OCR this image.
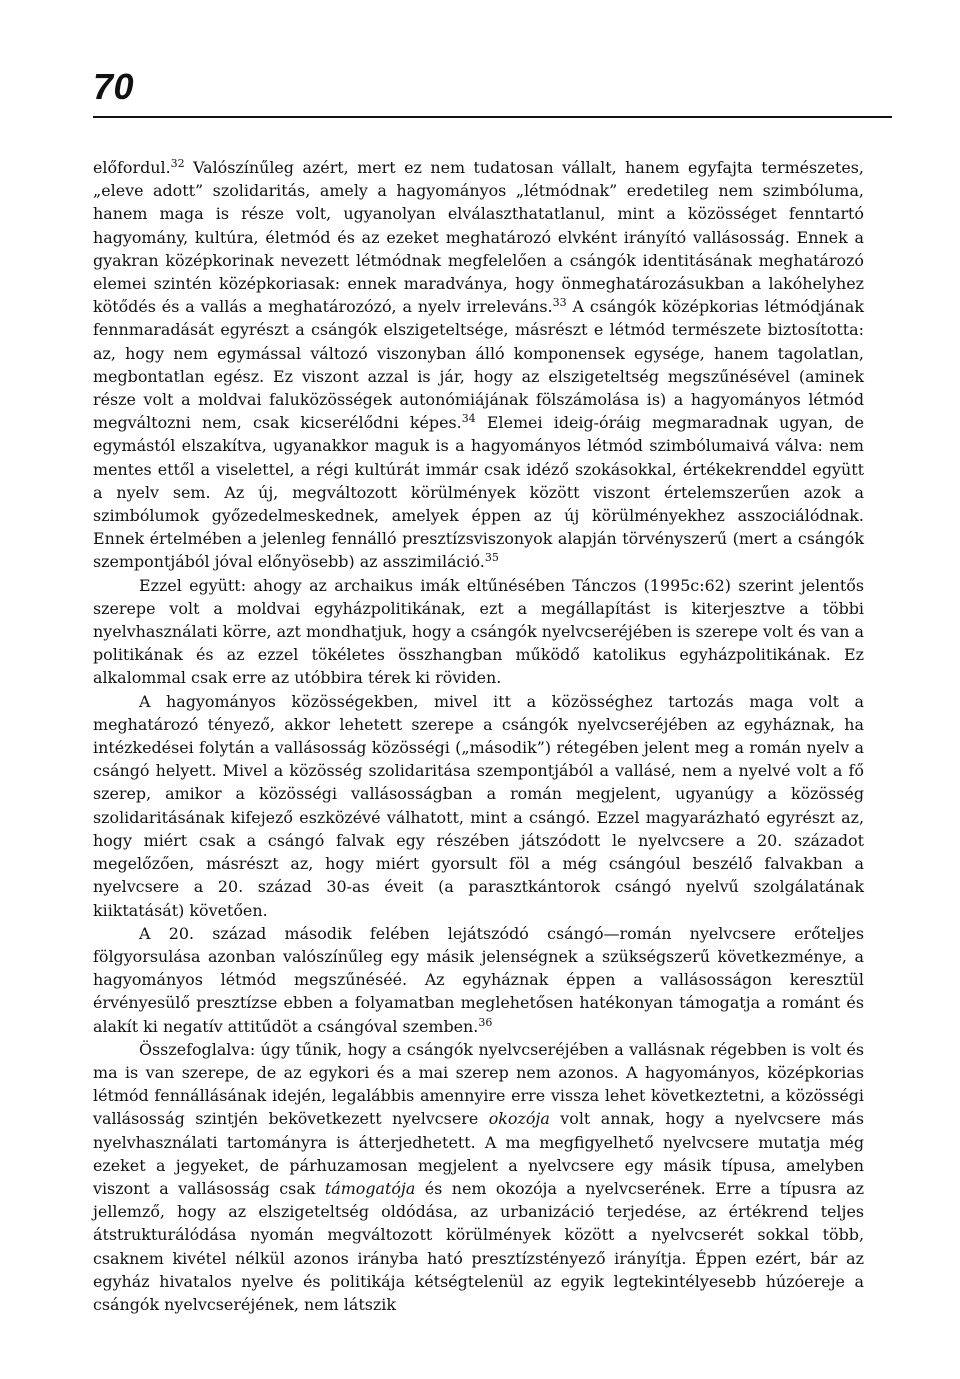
70

előfordul.$^{32}$ Valószínűleg azért, mert ez nem tudatosan vállalt, hanem egyfajta természetes, „eleve adott” szolidaritás, amely a hagyományos „létmódnak” eredetileg nem szimbóluma, hanem maga is része volt, ugyanolyan elválaszthatatlanul, mint a közösséget fenntartó hagyomány, kultúra, életmód és az ezeket meghatározó elvként irányító vallásosság. Ennek a gyakran középkorinak nevezett létmódnak megfelelően a csángók identitásának meghatározó elemei szintén középkoriasak: ennek maradványa, hogy önmeghatározásukban a lakóhelyhez kötődés és a vallás a meghatározózó, a nyelv irreleváns.$^{33}$ A csángók középkorias létmódjának fennmaradását egyrészt a csángók elszigeteltsége, másrészt e létmód természete biztosította: az, hogy nem egymással változó viszonyban álló komponensek egysége, hanem tagolatlan, megbontatlan egész. Ez viszont azzal is jár, hogy az elszigeteltség megszűnésével (aminek része volt a moldvai faluközösségek autonómiájának fölszámolása is) a hagyományos létmód megváltozni nem, csak kicserélődni képes.$^{34}$ Elemei ideig-óráig megmaradnak ugyan, de egymástól elszakítva, ugyanakkor maguk is a hagyományos létmód szimbólumaivá válva: nem mentes ettől a viselettel, a régi kultúrát immár csak idéző szokásokkal, értékekrenddel együtt a nyelv sem. Az új, megváltozott körülmények között viszont értelemszerűen azok a szimbólumok győzedelmeskednek, amelyek éppen az új körülményekhez asszociálódnak. Ennek értelmében a jelenleg fennálló presztízsviszonyok alapján törvényszerű (mert a csángók szempontjából jóval előnyösebb) az asszimiláció.$^{35}$

Ezzel együtt: ahogy az archaikus imák eltűnésében Tánczos (1995c:62) szerint jelentős szerepe volt a moldvai egyházpolitikának, ezt a megállapítást is kiterjesztve a többi nyelvhasználati körre, azt mondhatjuk, hogy a csángók nyelvcseréjében is szerepe volt és van a politikának és az ezzel tökéletes összhangban működő katolikus egyházpolitikának. Ez alkalommal csak erre az utóbbira térek ki röviden.

A hagyományos közösségekben, mivel itt a közösséghez tartozás maga volt a meghatározó tényező, akkor lehetett szerepe a csángók nyelvcseréjében az egyháznak, ha intézkedései folytán a vallásosság közösségi („második”) rétegében jelent meg a román nyelv a csángó helyett. Mivel a közösség szolidaritása szempontjából a vallásé, nem a nyelvé volt a fő szerep, amikor a közösségi vallásosságban a román megjelent, ugyanúgy a közösség szolidaritásának kifejező eszközévé válhatott, mint a csángó. Ezzel magyarázható egyrészt az, hogy miért csak a csángó falvak egy részében játszódott le nyelvcsere a 20. századot megelőzően, másrészt az, hogy miért gyorsult föl a még csángóul beszélő falvakban a nyelvcsere a 20. század 30-as éveit (a parasztkántorok csángó nyelvű szolgálatának kiiktatását) követően.

A 20. század második felében lejátszódó csángó—román nyelvcsere erőteljes fölgyorsulása azonban valószínűleg egy másik jelenségnek a szükségszerű következménye, a hagyományos létmód megszűnéséé. Az egyháznak éppen a vallásosságon keresztül érvényesülő presztízse ebben a folyamatban meglehetősen hatékonyan támogatja a románt és alakít ki negatív attitűdöt a csángóval szemben.$^{36}$

Összefoglalva: úgy tűnik, hogy a csángók nyelvcseréjében a vallásnak régebben is volt és ma is van szerepe, de az egykori és a mai szerep nem azonos. A hagyományos, középkorias létmód fennállásának idején, legalábbis amennyire erre vissza lehet következtetni, a közösségi vallásosság szintjén bekövetkezett nyelvcsere okozója volt annak, hogy a nyelvcsere más nyelvhasználati tartományra is átterjedhetett. A ma megfigyelhető nyelvcsere mutatja még ezeket a jegyeket, de párhuzamosan megjelent a nyelvcsere egy másik típusa, amelyben viszont a vallásosság csak támogatója és nem okozója a nyelvcserének. Erre a típusra az jellemző, hogy az elszigeteltség oldódása, az urbanizáció terjedése, az értékrend teljes átstrukturálódása nyomán megváltozott körülmények között a nyelvcserét sokkal több, csaknem kivétel nélkül azonos irányba ható presztízstényező irányítja. Éppen ezért, bár az egyház hivatalos nyelve és politikája kétségtelenül az egyik legtekintélyesebb húzóereje a csángók nyelvcseréjének, nem látszik
